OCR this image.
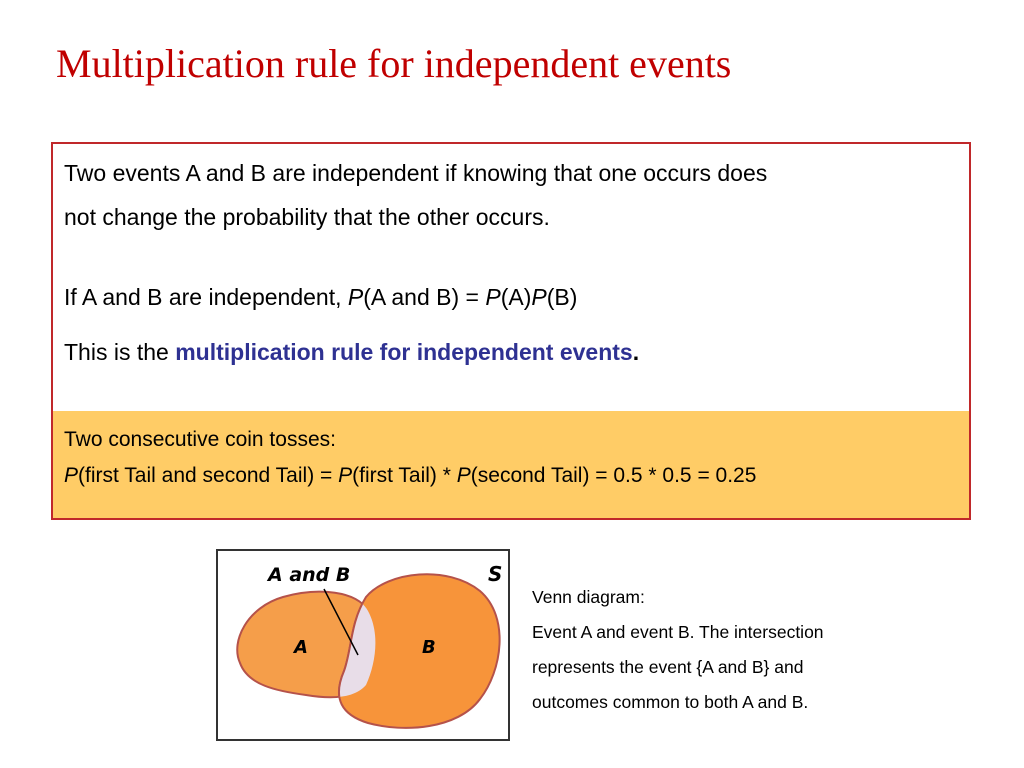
Multiplication rule for independent events
Two events A and B are independent if knowing that one occurs does
not change the probability that the other occurs.
If A and B are independent, P(A and B) = P(A)P(B)
This is the multiplication rule for independent events.
Two consecutive coin tosses:
P(first Tail and second Tail) = P(first Tail) * P(second Tail) = 0.5 * 0.5 = 0.25
A and B	S
A	B
Venn diagram:
Event A and event B. The intersection
represents the event {A and B} and
outcomes common to both A and B.
